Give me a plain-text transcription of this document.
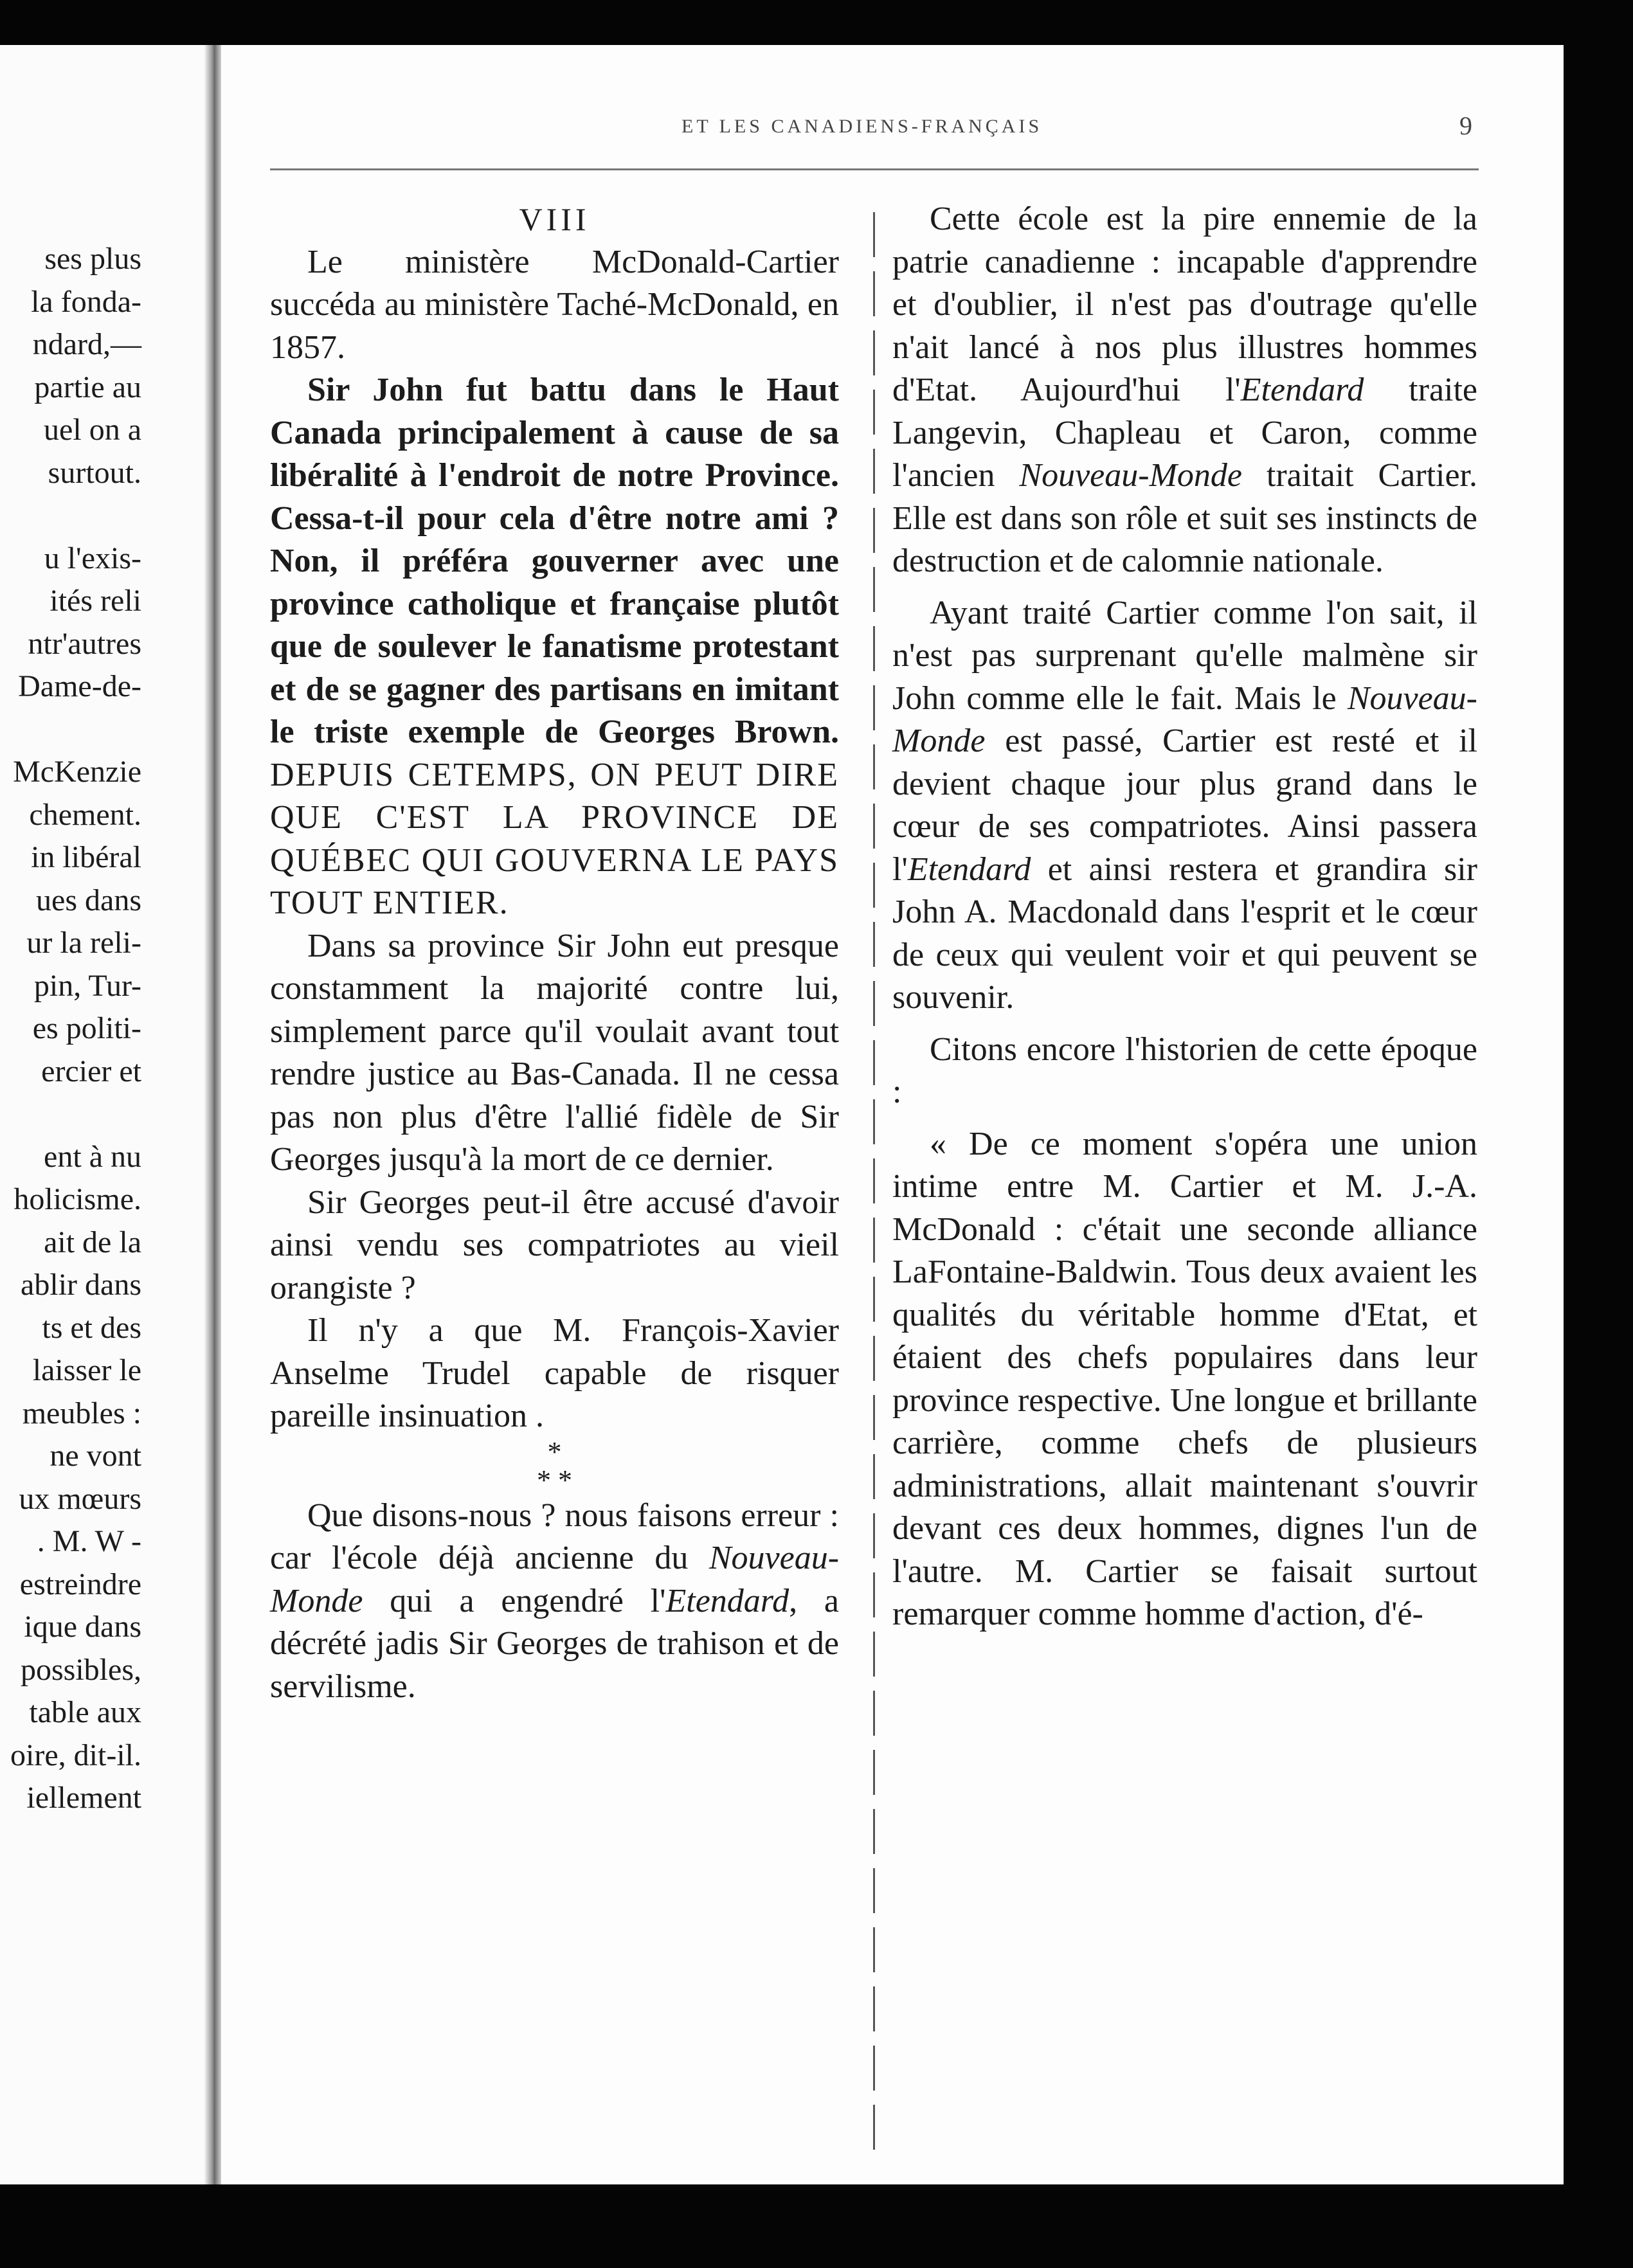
ses plus
la fonda-
ndard,—
partie au
uel on a
surtout.
u l'exis-
ités reli
ntr'autres
Dame-de-
McKenzie
chement.
in libéral
ues dans
ur la reli-
pin, Tur-
es politi-
ercier et
ent à nu
holicisme.
ait de la
ablir dans
ts et des
laisser le
meubles :
ne vont
ux mœurs
. M. W -
estreindre
ique dans
possibles,
table aux
oire, dit-il.
iellement
ET LES CANADIENS-FRANÇAIS	9

VIII

Le ministère McDonald-Cartier succéda au ministère Taché-McDonald, en 1857.

Sir John fut battu dans le Haut Canada principalement à cause de sa libéralité à l'endroit de notre Province. Cessa-t-il pour cela d'être notre ami ? Non, il préféra gouverner avec une province catholique et française plutôt que de soulever le fanatisme protestant et de se gagner des partisans en imitant le triste exemple de Georges Brown. DEPUIS CETEMPS, ON PEUT DIRE QUE C'EST LA PROVINCE DE QUÉBEC QUI GOUVERNA LE PAYS TOUT ENTIER.

Dans sa province Sir John eut presque constamment la majorité contre lui, simplement parce qu'il voulait avant tout rendre justice au Bas-Canada. Il ne cessa pas non plus d'être l'allié fidèle de Sir Georges jusqu'à la mort de ce dernier.

Sir Georges peut-il être accusé d'avoir ainsi vendu ses compatriotes au vieil orangiste ?

Il n'y a que M. François-Xavier Anselme Trudel capable de risquer pareille insinuation .

*
* *

Que disons-nous ? nous faisons erreur : car l'école déjà ancienne du Nouveau-Monde qui a engendré l'Etendard, a décrété jadis Sir Georges de trahison et de servilisme.

Cette école est la pire ennemie de la patrie canadienne : incapable d'apprendre et d'oublier, il n'est pas d'outrage qu'elle n'ait lancé à nos plus illustres hommes d'Etat. Aujourd'hui l'Etendard traite Langevin, Chapleau et Caron, comme l'ancien Nouveau-Monde traitait Cartier. Elle est dans son rôle et suit ses instincts de destruction et de calomnie nationale.

Ayant traité Cartier comme l'on sait, il n'est pas surprenant qu'elle malmène sir John comme elle le fait. Mais le Nouveau-Monde est passé, Cartier est resté et il devient chaque jour plus grand dans le cœur de ses compatriotes. Ainsi passera l'Etendard et ainsi restera et grandira sir John A. Macdonald dans l'esprit et le cœur de ceux qui veulent voir et qui peuvent se souvenir.

Citons encore l'historien de cette époque :

« De ce moment s'opéra une union intime entre M. Cartier et M. J.-A. McDonald : c'était une seconde alliance LaFontaine-Baldwin. Tous deux avaient les qualités du véritable homme d'Etat, et étaient des chefs populaires dans leur province respective. Une longue et brillante carrière, comme chefs de plusieurs administrations, allait maintenant s'ouvrir devant ces deux hommes, dignes l'un de l'autre. M. Cartier se faisait surtout remarquer comme homme d'action, d'é-
